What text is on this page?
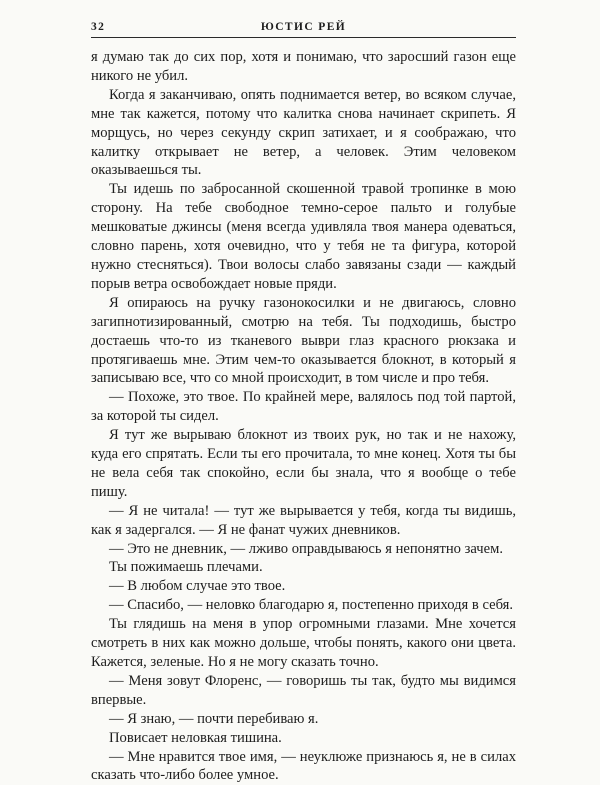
32	ЮСТИС РЕЙ

я думаю так до сих пор, хотя и понимаю, что заросший газон еще никого не убил.

Когда я заканчиваю, опять поднимается ветер, во всяком случае, мне так кажется, потому что калитка снова начинает скрипеть. Я морщусь, но через секунду скрип затихает, и я соображаю, что калитку открывает не ветер, а человек. Этим человеком оказываешься ты.

Ты идешь по забросанной скошенной травой тропинке в мою сторону. На тебе свободное темно-серое пальто и голубые мешковатые джинсы (меня всегда удивляла твоя манера одеваться, словно парень, хотя очевидно, что у тебя не та фигура, которой нужно стесняться). Твои волосы слабо завязаны сзади — каждый порыв ветра освобождает новые пряди.

Я опираюсь на ручку газонокосилки и не двигаюсь, словно загипнотизированный, смотрю на тебя. Ты подходишь, быстро достаешь что-то из тканевого выври глаз красного рюкзака и протягиваешь мне. Этим чем-то оказывается блокнот, в который я записываю все, что со мной происходит, в том числе и про тебя.

— Похоже, это твое. По крайней мере, валялось под той партой, за которой ты сидел.

Я тут же вырываю блокнот из твоих рук, но так и не нахожу, куда его спрятать. Если ты его прочитала, то мне конец. Хотя ты бы не вела себя так спокойно, если бы знала, что я вообще о тебе пишу.

— Я не читала! — тут же вырывается у тебя, когда ты видишь, как я задергался. — Я не фанат чужих дневников.

— Это не дневник, — лживо оправдываюсь я непонятно зачем.

Ты пожимаешь плечами.

— В любом случае это твое.

— Спасибо, — неловко благодарю я, постепенно приходя в себя.

Ты глядишь на меня в упор огромными глазами. Мне хочется смотреть в них как можно дольше, чтобы понять, какого они цвета. Кажется, зеленые. Но я не могу сказать точно.

— Меня зовут Флоренс, — говоришь ты так, будто мы видимся впервые.

— Я знаю, — почти перебиваю я.

Повисает неловкая тишина.

— Мне нравится твое имя, — неуклюже признаюсь я, не в силах сказать что-либо более умное.
